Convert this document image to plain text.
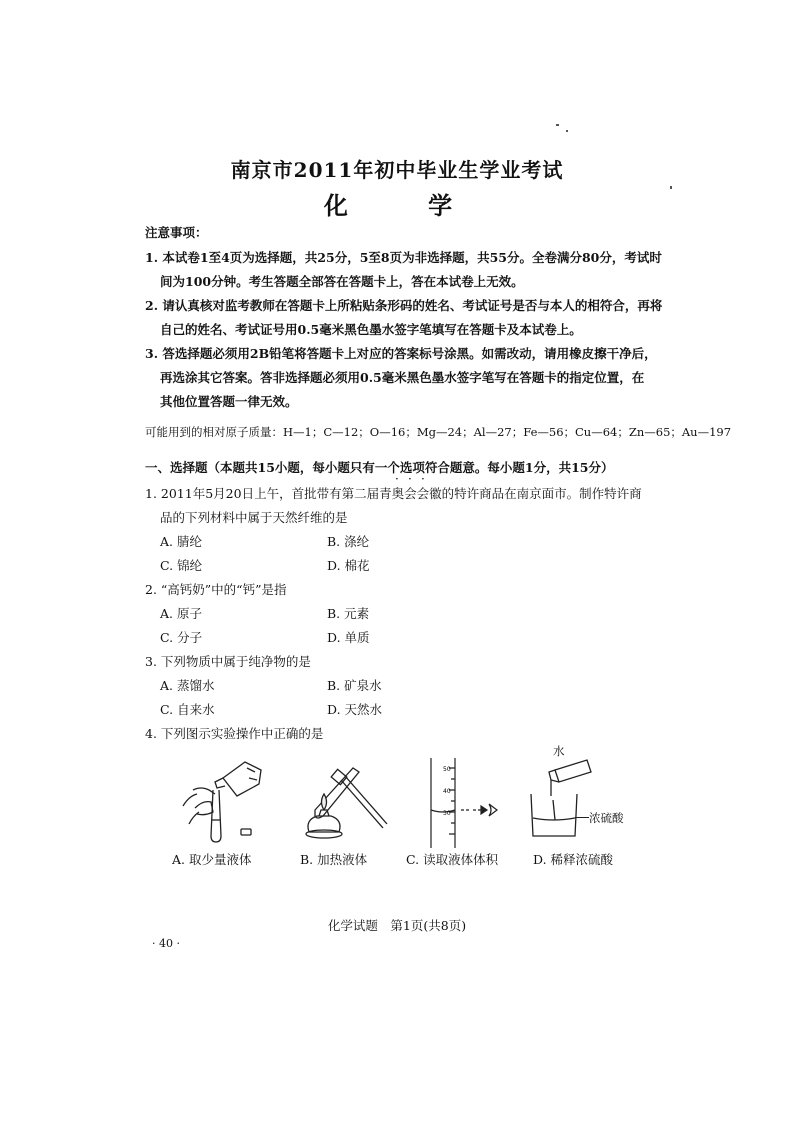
南京市2011年初中毕业生学业考试
化 学
注意事项：
1. 本试卷1至4页为选择题，共25分，5至8页为非选择题，共55分。全卷满分80分，考试时
间为100分钟。考生答题全部答在答题卡上，答在本试卷上无效。
2. 请认真核对监考教师在答题卡上所粘贴条形码的姓名、考试证号是否与本人的相符合，再将
自己的姓名、考试证号用0.5毫米黑色墨水签字笔填写在答题卡及本试卷上。
3. 答选择题必须用2B铅笔将答题卡上对应的答案标号涂黑。如需改动，请用橡皮擦干净后，
再选涂其它答案。答非选择题必须用0.5毫米黑色墨水签字笔写在答题卡的指定位置，在
其他位置答题一律无效。
可能用到的相对原子质量：H—1；C—12；O—16；Mg—24；Al—27；Fe—56；Cu—64；Zn—65；Au—197
一、选择题（本题共15小题，每小题只有一个选项符合题意。每小题1分，共15分）
· · ·
1. 2011年5月20日上午，首批带有第二届青奥会会徽的特许商品在南京面市。制作特许商
品的下列材料中属于天然纤维的是
A. 腈纶	B. 涤纶
C. 锦纶	D. 棉花
2. “高钙奶”中的“钙”是指
A. 原子	B. 元素
C. 分子	D. 单质
3. 下列物质中属于纯净物的是
A. 蒸馏水	B. 矿泉水
C. 自来水	D. 天然水
4. 下列图示实验操作中正确的是
50
40
30
水
浓硫酸
A. 取少量液体	B. 加热液体	C. 读取液体体积	D. 稀释浓硫酸
化学试题　第1页(共8页)
· 40 ·
